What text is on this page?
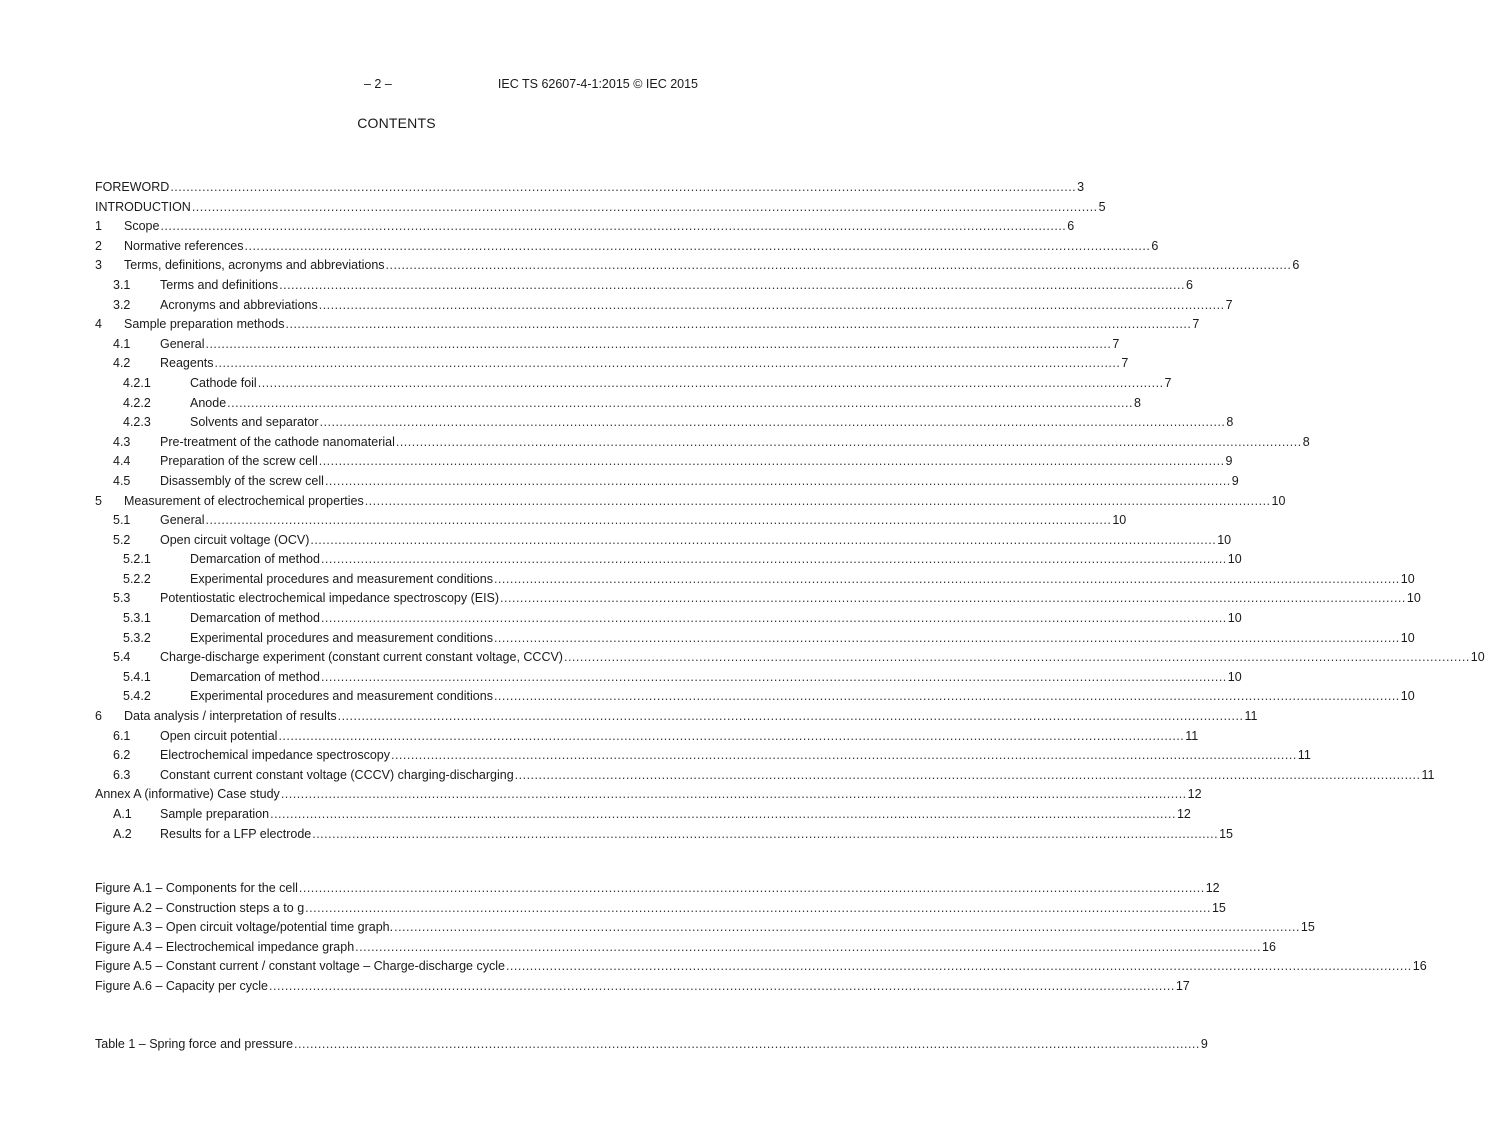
– 2 –	IEC TS 62607-4-1:2015 © IEC 2015
CONTENTS
FOREWORD .................................................................................................................................................................................................................................... 3
INTRODUCTION .................................................................................................................................................................................................................................... 5
1	Scope .................................................................................................................................................................................................................................... 6
2	Normative references .................................................................................................................................................................................................................................... 6
3	Terms, definitions, acronyms and abbreviations .................................................................................................................................................................................................................................... 6
3.1	Terms and definitions .................................................................................................................................................................................................................................... 6
3.2	Acronyms and abbreviations .................................................................................................................................................................................................................................... 7
4	Sample preparation methods .................................................................................................................................................................................................................................... 7
4.1	General .................................................................................................................................................................................................................................... 7
4.2	Reagents .................................................................................................................................................................................................................................... 7
4.2.1	Cathode foil .................................................................................................................................................................................................................................... 7
4.2.2	Anode .................................................................................................................................................................................................................................... 8
4.2.3	Solvents and separator .................................................................................................................................................................................................................................... 8
4.3	Pre-treatment of the cathode nanomaterial .................................................................................................................................................................................................................................... 8
4.4	Preparation of the screw cell .................................................................................................................................................................................................................................... 9
4.5	Disassembly of the screw cell .................................................................................................................................................................................................................................... 9
5	Measurement of electrochemical properties .................................................................................................................................................................................................................................... 10
5.1	General .................................................................................................................................................................................................................................... 10
5.2	Open circuit voltage (OCV) .................................................................................................................................................................................................................................... 10
5.2.1	Demarcation of method .................................................................................................................................................................................................................................... 10
5.2.2	Experimental procedures and measurement conditions .................................................................................................................................................................................................................................... 10
5.3	Potentiostatic electrochemical impedance spectroscopy (EIS) .................................................................................................................................................................................................................................... 10
5.3.1	Demarcation of method .................................................................................................................................................................................................................................... 10
5.3.2	Experimental procedures and measurement conditions .................................................................................................................................................................................................................................... 10
5.4	Charge-discharge experiment (constant current constant voltage, CCCV) .................................................................................................................................................................................................................................... 10
5.4.1	Demarcation of method .................................................................................................................................................................................................................................... 10
5.4.2	Experimental procedures and measurement conditions .................................................................................................................................................................................................................................... 10
6	Data analysis / interpretation of results .................................................................................................................................................................................................................................... 11
6.1	Open circuit potential .................................................................................................................................................................................................................................... 11
6.2	Electrochemical impedance spectroscopy .................................................................................................................................................................................................................................... 11
6.3	Constant current constant voltage (CCCV) charging-discharging .................................................................................................................................................................................................................................... 11
Annex A (informative) Case study .................................................................................................................................................................................................................................... 12
A.1	Sample preparation .................................................................................................................................................................................................................................... 12
A.2	Results for a LFP electrode .................................................................................................................................................................................................................................... 15
Figure A.1 – Components for the cell .................................................................................................................................................................................................................................... 12
Figure A.2 – Construction steps a to g .................................................................................................................................................................................................................................... 15
Figure A.3 – Open circuit voltage/potential time graph. .................................................................................................................................................................................................................................... 15
Figure A.4 – Electrochemical impedance graph .................................................................................................................................................................................................................................... 16
Figure A.5 – Constant current / constant voltage – Charge-discharge cycle .................................................................................................................................................................................................................................... 16
Figure A.6 – Capacity per cycle .................................................................................................................................................................................................................................... 17
Table 1 – Spring force and pressure .................................................................................................................................................................................................................................... 9
